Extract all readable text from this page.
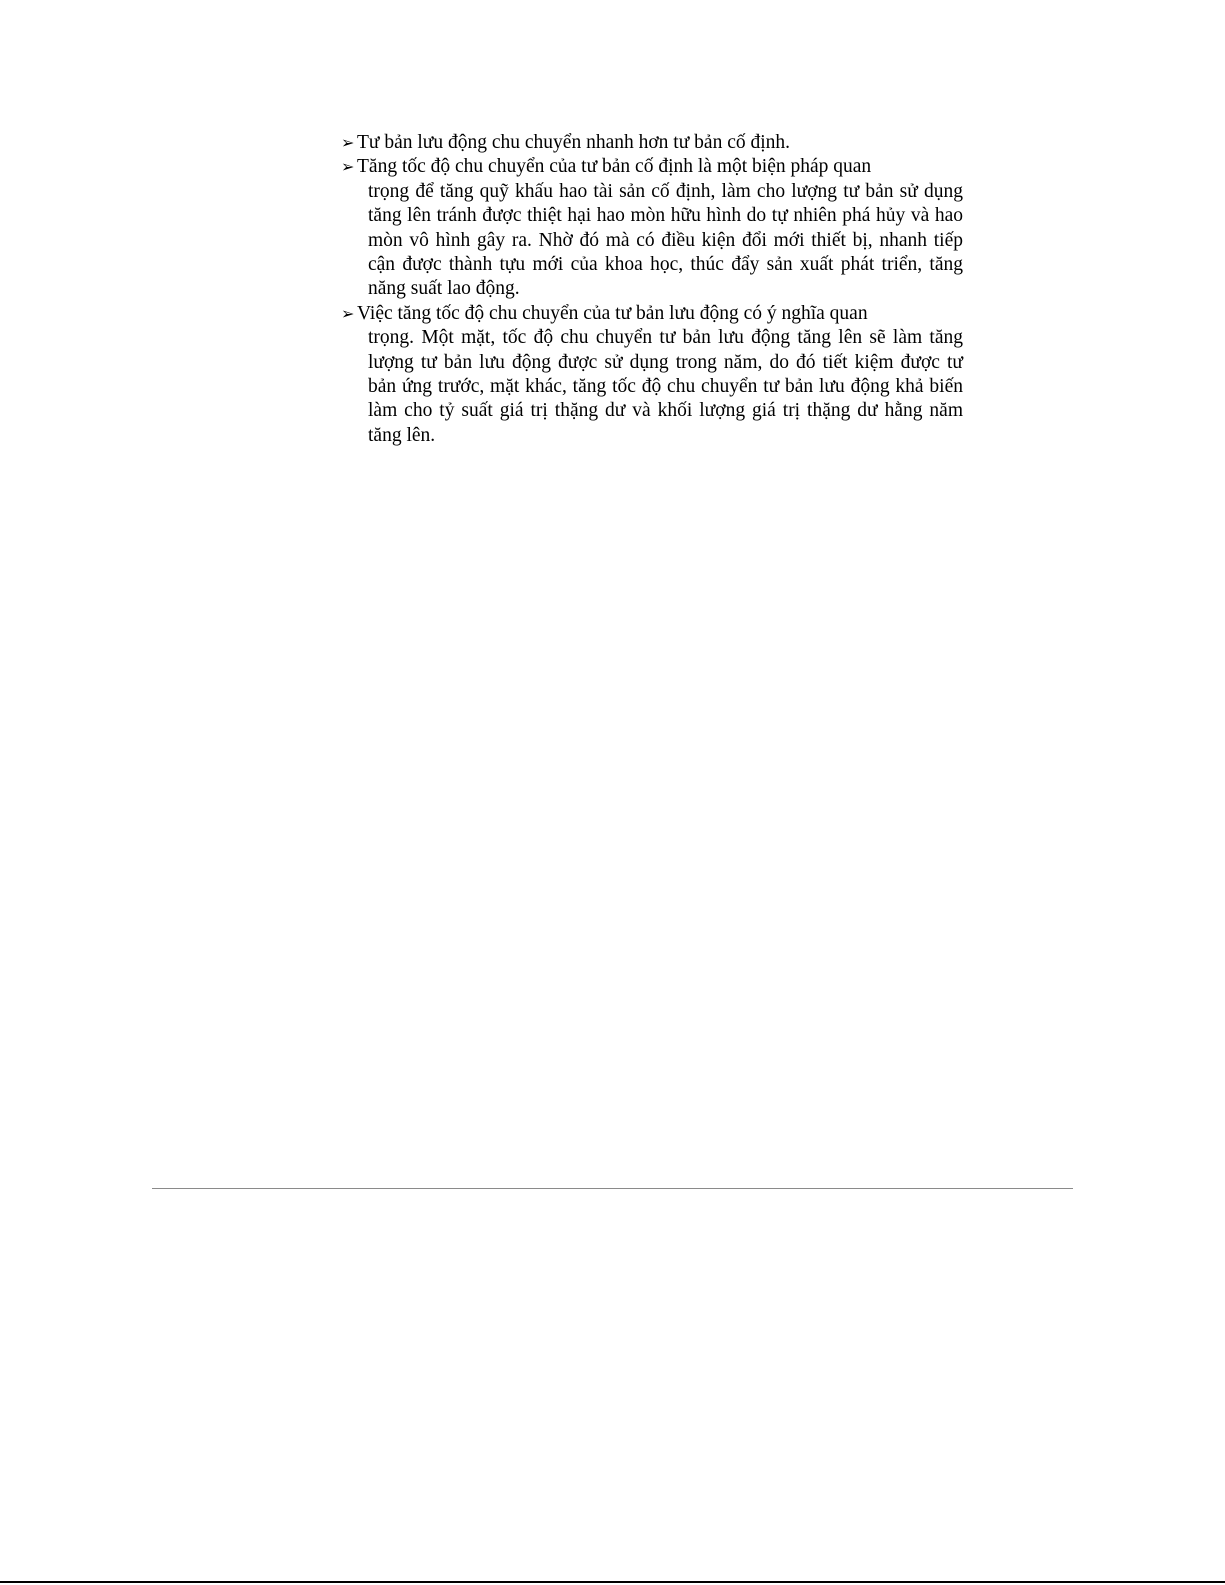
➢ Tư bản lưu động chu chuyển nhanh hơn tư bản cố định.
➢ Tăng tốc độ chu chuyển của tư bản cố định là một biện pháp quan
trọng để tăng quỹ khấu hao tài sản cố định, làm cho lượng tư bản sử dụng tăng lên tránh được thiệt hại hao mòn hữu hình do tự nhiên phá hủy và hao mòn vô hình gây ra. Nhờ đó mà có điều kiện đổi mới thiết bị, nhanh tiếp cận được thành tựu mới của khoa học, thúc đẩy sản xuất phát triển, tăng năng suất lao động.
➢ Việc tăng tốc độ chu chuyển của tư bản lưu động có ý nghĩa quan
trọng. Một mặt, tốc độ chu chuyển tư bản lưu động tăng lên sẽ làm tăng lượng tư bản lưu động được sử dụng trong năm, do đó tiết kiệm được tư bản ứng trước, mặt khác, tăng tốc độ chu chuyển tư bản lưu động khả biến làm cho tỷ suất giá trị thặng dư và khối lượng giá trị thặng dư hằng năm tăng lên.
